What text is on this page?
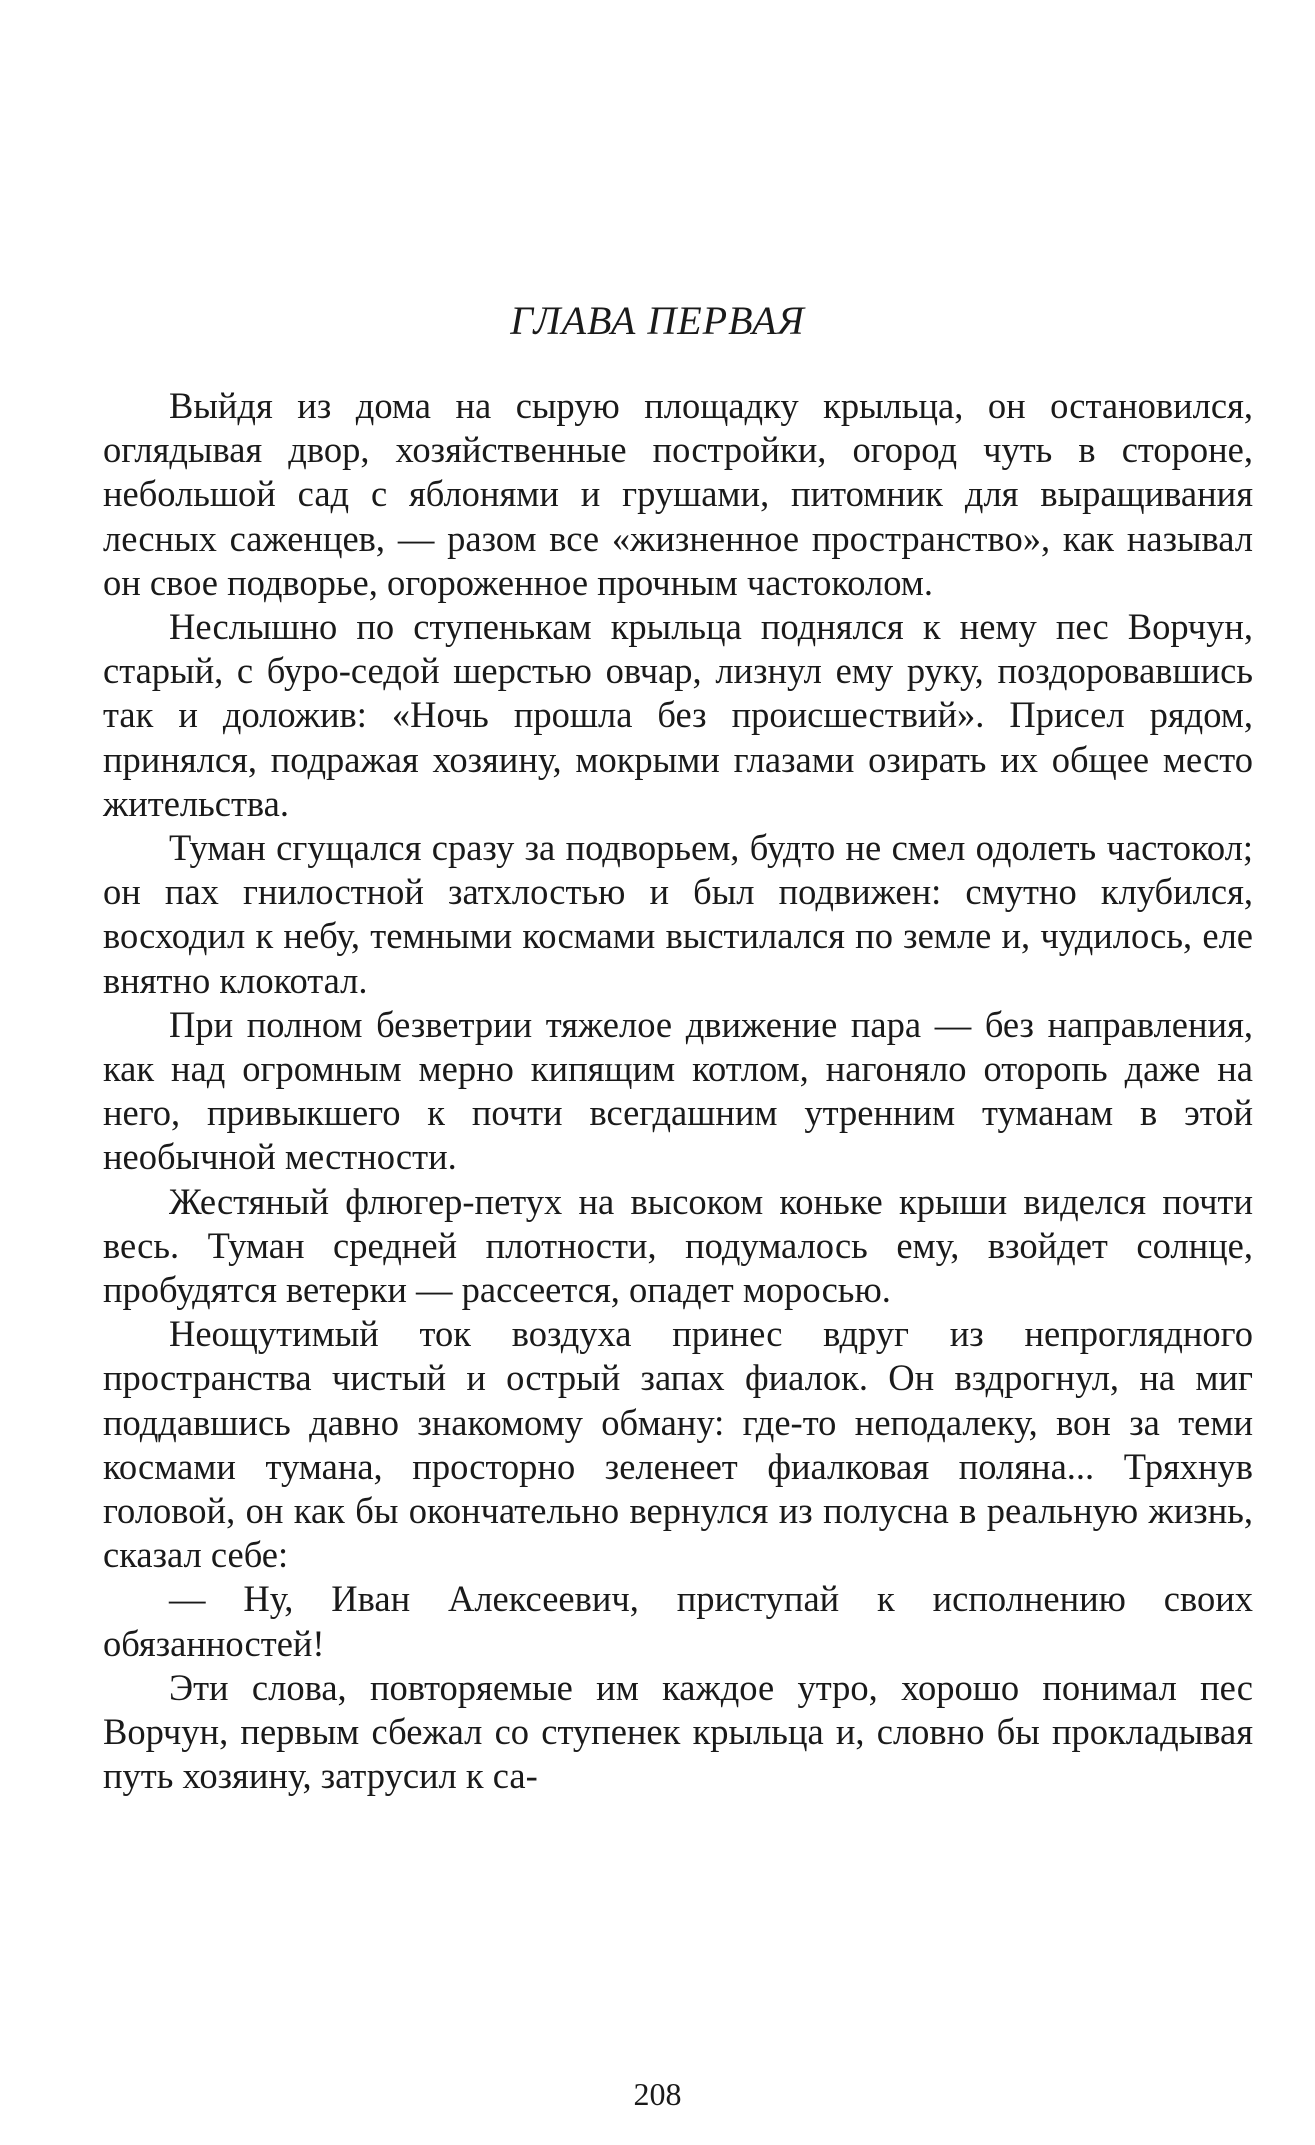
ГЛАВА ПЕРВАЯ

Выйдя из дома на сырую площадку крыльца, он остановился, оглядывая двор, хозяйственные постройки, огород чуть в стороне, небольшой сад с яблонями и грушами, питомник для выращивания лесных саженцев, — разом все «жизненное пространство», как называл он свое подворье, огороженное прочным частоколом.

Неслышно по ступенькам крыльца поднялся к нему пес Ворчун, старый, с буро-седой шерстью овчар, лизнул ему руку, поздоровавшись так и доложив: «Ночь прошла без происшествий». Присел рядом, принялся, подражая хозяину, мокрыми глазами озирать их общее место жительства.

Туман сгущался сразу за подворьем, будто не смел одолеть частокол; он пах гнилостной затхлостью и был подвижен: смутно клубился, восходил к небу, темными космами выстилался по земле и, чудилось, еле внятно клокотал.

При полном безветрии тяжелое движение пара — без направления, как над огромным мерно кипящим котлом, нагоняло оторопь даже на него, привыкшего к почти всегдашним утренним туманам в этой необычной местности.

Жестяный флюгер-петух на высоком коньке крыши виделся почти весь. Туман средней плотности, подумалось ему, взойдет солнце, пробудятся ветерки — рассеется, опадет моросью.

Неощутимый ток воздуха принес вдруг из непроглядного пространства чистый и острый запах фиалок. Он вздрогнул, на миг поддавшись давно знакомому обману: где-то неподалеку, вон за теми космами тумана, просторно зеленеет фиалковая поляна... Тряхнув головой, он как бы окончательно вернулся из полусна в реальную жизнь, сказал себе:

— Ну, Иван Алексеевич, приступай к исполнению своих обязанностей!

Эти слова, повторяемые им каждое утро, хорошо понимал пес Ворчун, первым сбежал со ступенек крыльца и, словно бы прокладывая путь хозяину, затрусил к са-

208
